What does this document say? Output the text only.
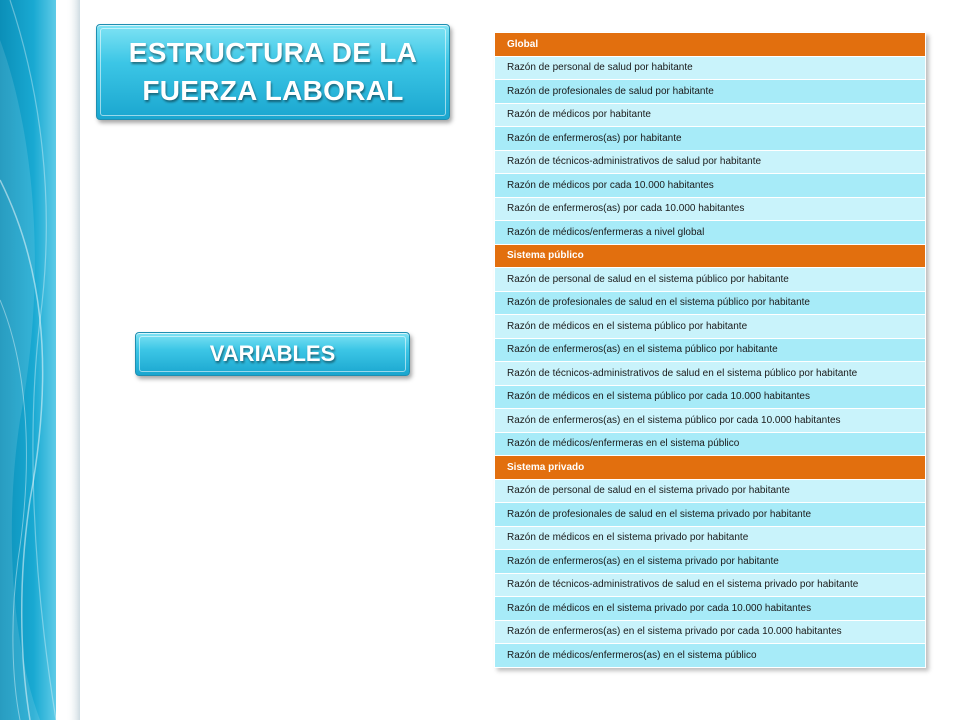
ESTRUCTURA DE LA
FUERZA LABORAL
VARIABLES
Global
Razón de personal de salud por habitante
Razón de profesionales de salud por habitante
Razón de médicos por habitante
Razón de enfermeros(as) por habitante
Razón de técnicos-administrativos de salud por habitante
Razón de médicos por cada 10.000 habitantes
Razón de enfermeros(as) por cada 10.000 habitantes
Razón de médicos/enfermeras a nivel global
Sistema público
Razón de personal de salud en el sistema público por habitante
Razón de profesionales de salud en el sistema público por habitante
Razón de médicos en el sistema público por habitante
Razón de enfermeros(as) en el sistema público por habitante
Razón de técnicos-administrativos de salud en el sistema público por habitante
Razón de médicos en el sistema público por cada 10.000 habitantes
Razón de enfermeros(as) en el sistema público por cada 10.000 habitantes
Razón de médicos/enfermeras en el sistema público
Sistema privado
Razón de personal de salud en el sistema privado por habitante
Razón de profesionales de salud en el sistema privado por habitante
Razón de médicos en el sistema privado por habitante
Razón de enfermeros(as) en el sistema privado por habitante
Razón de técnicos-administrativos de salud en el sistema privado por habitante
Razón de médicos en el sistema privado por cada 10.000 habitantes
Razón de enfermeros(as) en el sistema privado por cada 10.000 habitantes
Razón de médicos/enfermeros(as) en el sistema público
